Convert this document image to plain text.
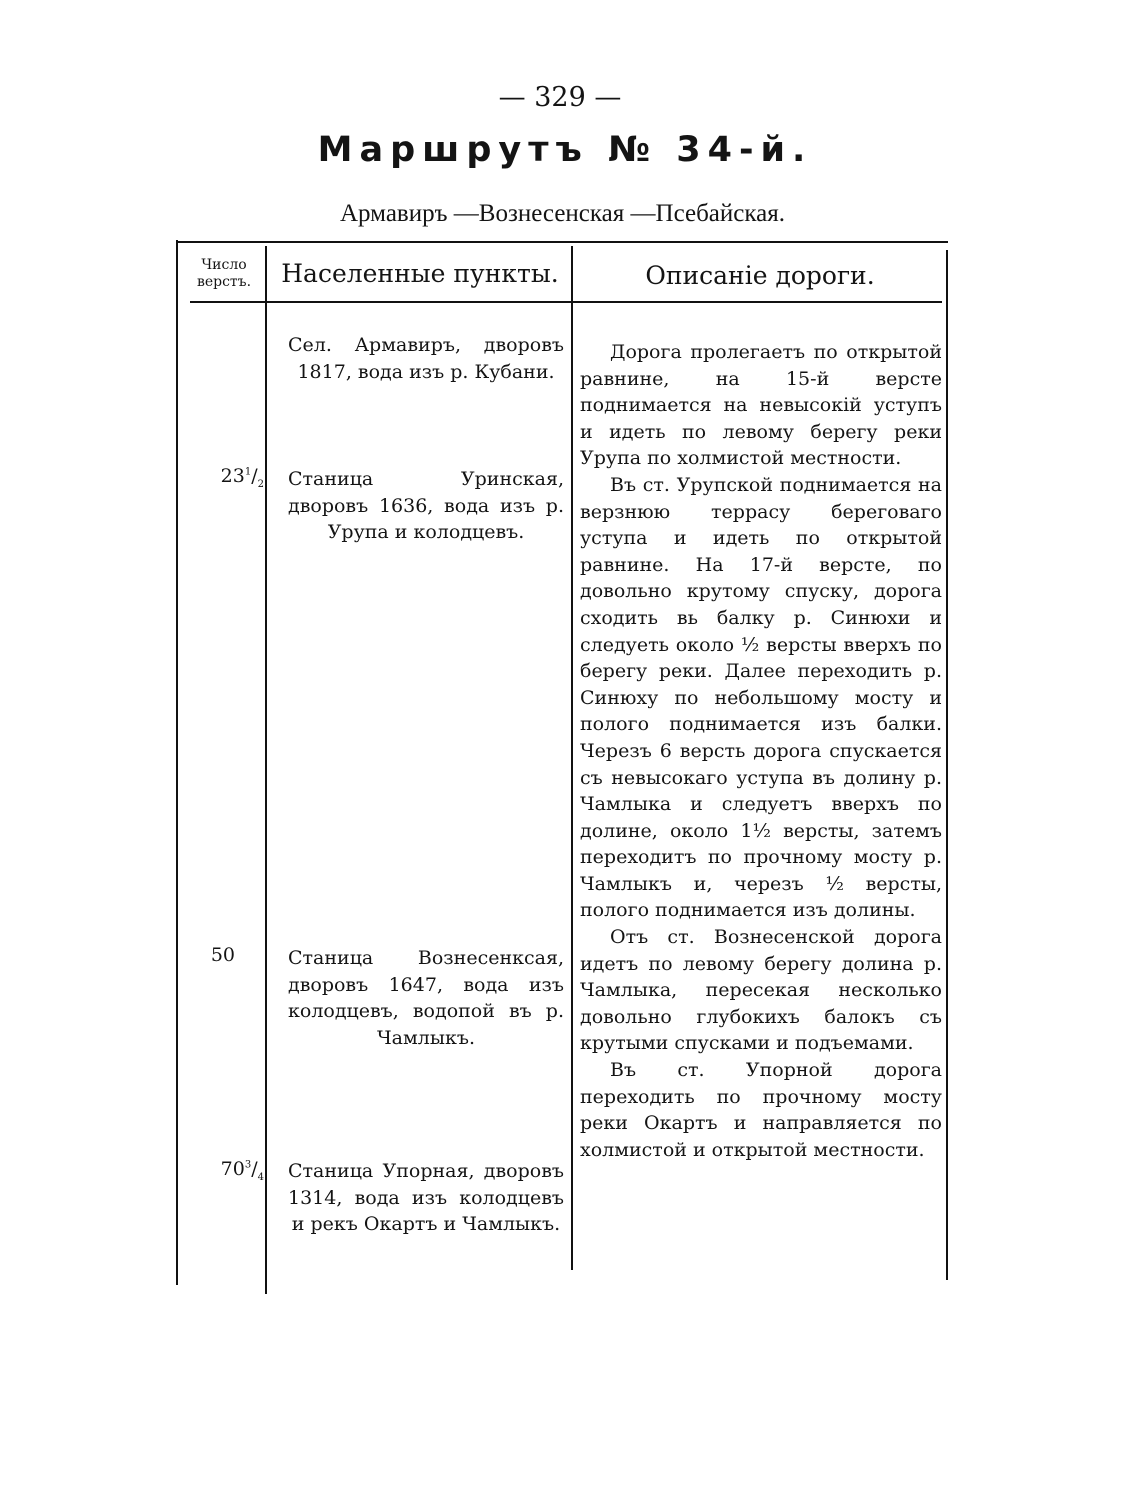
— 329 —
Маршрутъ № 34-й.
Армавиръ —Вознесенская —Псебайская.
Число
верстъ.	Населенные пункты.	Описаніе дороги.
$23^1/_2$
50
$70^3/_4$
Сел. Армавиръ, дворовъ 1817, вода изъ р. Кубани.
Станица Уринская, дворовъ 1636, вода изъ р. Урупа и колодцевъ.
Станица Вознесенксая, дворовъ 1647, вода изъ колодцевъ, водопой въ р. Чамлыкъ.
Станица Упорная, дворовъ 1314, вода изъ колодцевъ и рекъ Окартъ и Чамлыкъ.

Дорога пролегаетъ по открытой равнине, на 15-й версте поднимается на невысокій уступъ и идеть по левому берегу реки Урупа по холмистой местности.

Въ ст. Урупской поднимается на верзнюю террасу береговаго уступа и идеть по открытой равнине. На 17-й версте, по довольно крутому спуску, дорога сходить вь балку р. Синюхи и следуеть около ½ версты вверхъ по берегу реки. Далее переходить р. Синюху по небольшому мосту и полого поднимается изъ балки. Черезъ 6 версть дорога спускается съ невысокаго уступа въ долину р. Чамлыка и следуетъ вверхъ по долине, около 1½ версты, затемъ переходитъ по прочному мосту р. Чамлыкъ и, черезъ ½ версты, полого поднимается изъ долины.

Отъ ст. Вознесенской дорога идетъ по левому берегу долина р. Чамлыка, пересекая несколько довольно глубокихъ балокъ съ крутыми спусками и подъемами.

Въ ст. Упорной дорога переходить по прочному мосту реки Окартъ и направляется по холмистой и открытой местности.
